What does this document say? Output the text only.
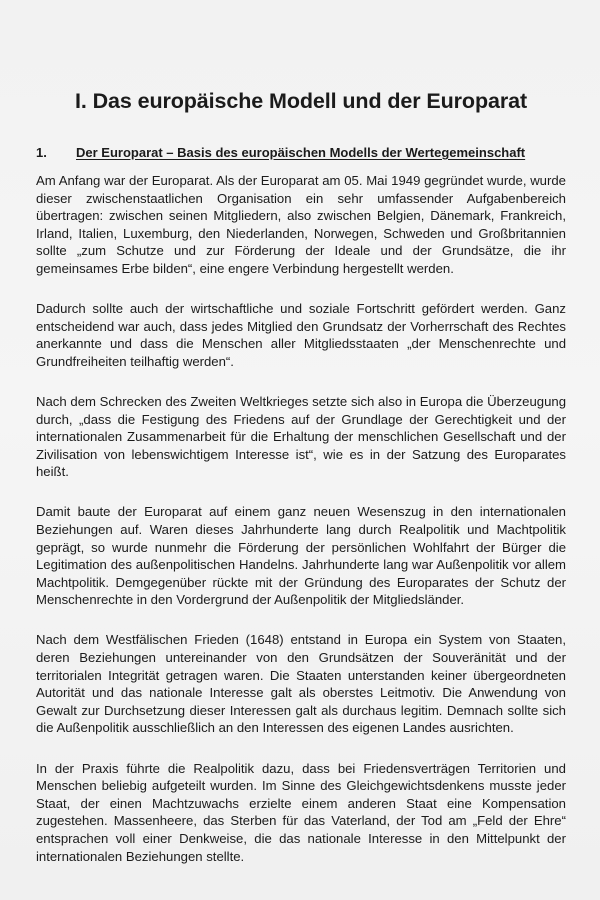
I. Das europäische Modell und der Europarat
1.	Der Europarat – Basis des europäischen Modells der Wertegemeinschaft

Am Anfang war der Europarat. Als der Europarat am 05. Mai 1949 gegründet wurde, wurde dieser zwischenstaatlichen Organisation ein sehr umfassender Aufgabenbereich übertragen: zwischen seinen Mitgliedern, also zwischen Belgien, Dänemark, Frankreich, Irland, Italien, Luxemburg, den Niederlanden, Norwegen, Schweden und Großbritannien sollte „zum Schutze und zur Förderung der Ideale und der Grundsätze, die ihr gemeinsames Erbe bilden“, eine engere Verbindung hergestellt werden.

Dadurch sollte auch der wirtschaftliche und soziale Fortschritt gefördert werden. Ganz entscheidend war auch, dass jedes Mitglied den Grundsatz der Vorherrschaft des Rechtes anerkannte und dass die Menschen aller Mitgliedsstaaten „der Menschenrechte und Grundfreiheiten teilhaftig werden“.

Nach dem Schrecken des Zweiten Weltkrieges setzte sich also in Europa die Überzeugung durch, „dass die Festigung des Friedens auf der Grundlage der Gerechtigkeit und der internationalen Zusammenarbeit für die Erhaltung der menschlichen Gesellschaft und der Zivilisation von lebenswichtigem Interesse ist“, wie es in der Satzung des Europarates heißt.

Damit baute der Europarat auf einem ganz neuen Wesenszug in den internationalen Beziehungen auf. Waren dieses Jahrhunderte lang durch Realpolitik und Machtpolitik geprägt, so wurde nunmehr die Förderung der persönlichen Wohlfahrt der Bürger die Legitimation des außenpolitischen Handelns. Jahrhunderte lang war Außenpolitik vor allem Machtpolitik. Demgegenüber rückte mit der Gründung des Europarates der Schutz der Menschenrechte in den Vordergrund der Außenpolitik der Mitgliedsländer.

Nach dem Westfälischen Frieden (1648) entstand in Europa ein System von Staaten, deren Beziehungen untereinander von den Grundsätzen der Souveränität und der territorialen Integrität getragen waren. Die Staaten unterstanden keiner übergeordneten Autorität und das nationale Interesse galt als oberstes Leitmotiv. Die Anwendung von Gewalt zur Durchsetzung dieser Interessen galt als durchaus legitim. Demnach sollte sich die Außenpolitik ausschließlich an den Interessen des eigenen Landes ausrichten.

In der Praxis führte die Realpolitik dazu, dass bei Friedensverträgen Territorien und Menschen beliebig aufgeteilt wurden. Im Sinne des Gleichgewichtsdenkens musste jeder Staat, der einen Machtzuwachs erzielte einem anderen Staat eine Kompensation zugestehen. Massenheere, das Sterben für das Vaterland, der Tod am „Feld der Ehre“ entsprachen voll einer Denkweise, die das nationale Interesse in den Mittelpunkt der internationalen Beziehungen stellte.
